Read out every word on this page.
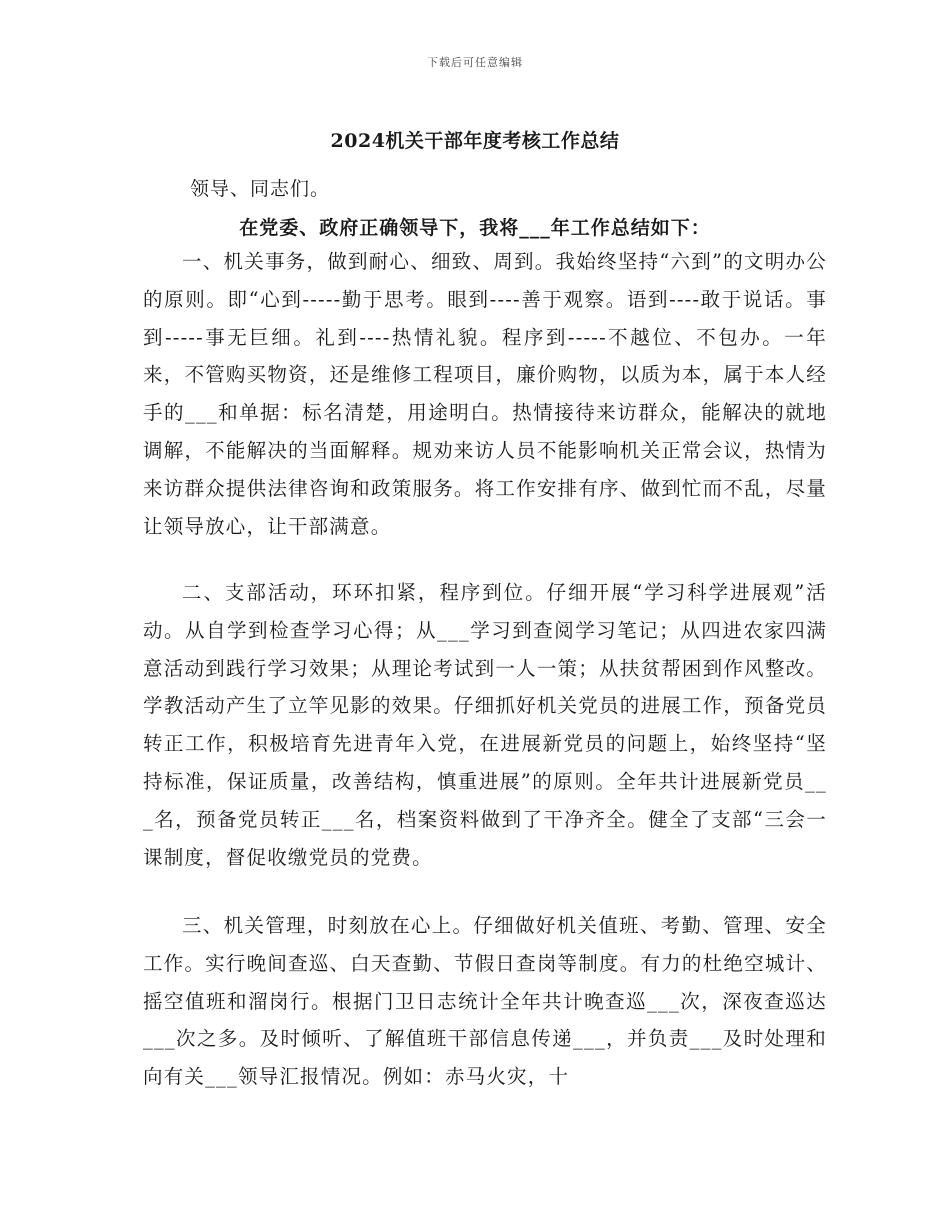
下载后可任意编辑
2024机关干部年度考核工作总结
领导、同志们。
在党委、政府正确领导下，我将___年工作总结如下：

一、机关事务，做到耐心、细致、周到。我始终坚持“六到”的文明办公的原则。即“心到-----勤于思考。眼到----善于观察。语到----敢于说话。事到-----事无巨细。礼到----热情礼貌。程序到-----不越位、不包办。一年来，不管购买物资，还是维修工程项目，廉价购物，以质为本，属于本人经手的___和单据：标名清楚，用途明白。热情接待来访群众，能解决的就地调解，不能解决的当面解释。规劝来访人员不能影响机关正常会议，热情为来访群众提供法律咨询和政策服务。将工作安排有序、做到忙而不乱，尽量让领导放心，让干部满意。

二、支部活动，环环扣紧，程序到位。仔细开展“学习科学进展观”活动。从自学到检查学习心得；从___学习到查阅学习笔记；从四进农家四满意活动到践行学习效果；从理论考试到一人一策；从扶贫帮困到作风整改。学教活动产生了立竿见影的效果。仔细抓好机关党员的进展工作，预备党员转正工作，积极培育先进青年入党，在进展新党员的问题上，始终坚持“坚持标准，保证质量，改善结构，慎重进展”的原则。全年共计进展新党员___名，预备党员转正___名，档案资料做到了干净齐全。健全了支部“三会一课制度，督促收缴党员的党费。

三、机关管理，时刻放在心上。仔细做好机关值班、考勤、管理、安全工作。实行晚间查巡、白天查勤、节假日查岗等制度。有力的杜绝空城计、摇空值班和溜岗行。根据门卫日志统计全年共计晚查巡___次，深夜查巡达___次之多。及时倾听、了解值班干部信息传递___，并负责___及时处理和向有关___领导汇报情况。例如：赤马火灾，十
